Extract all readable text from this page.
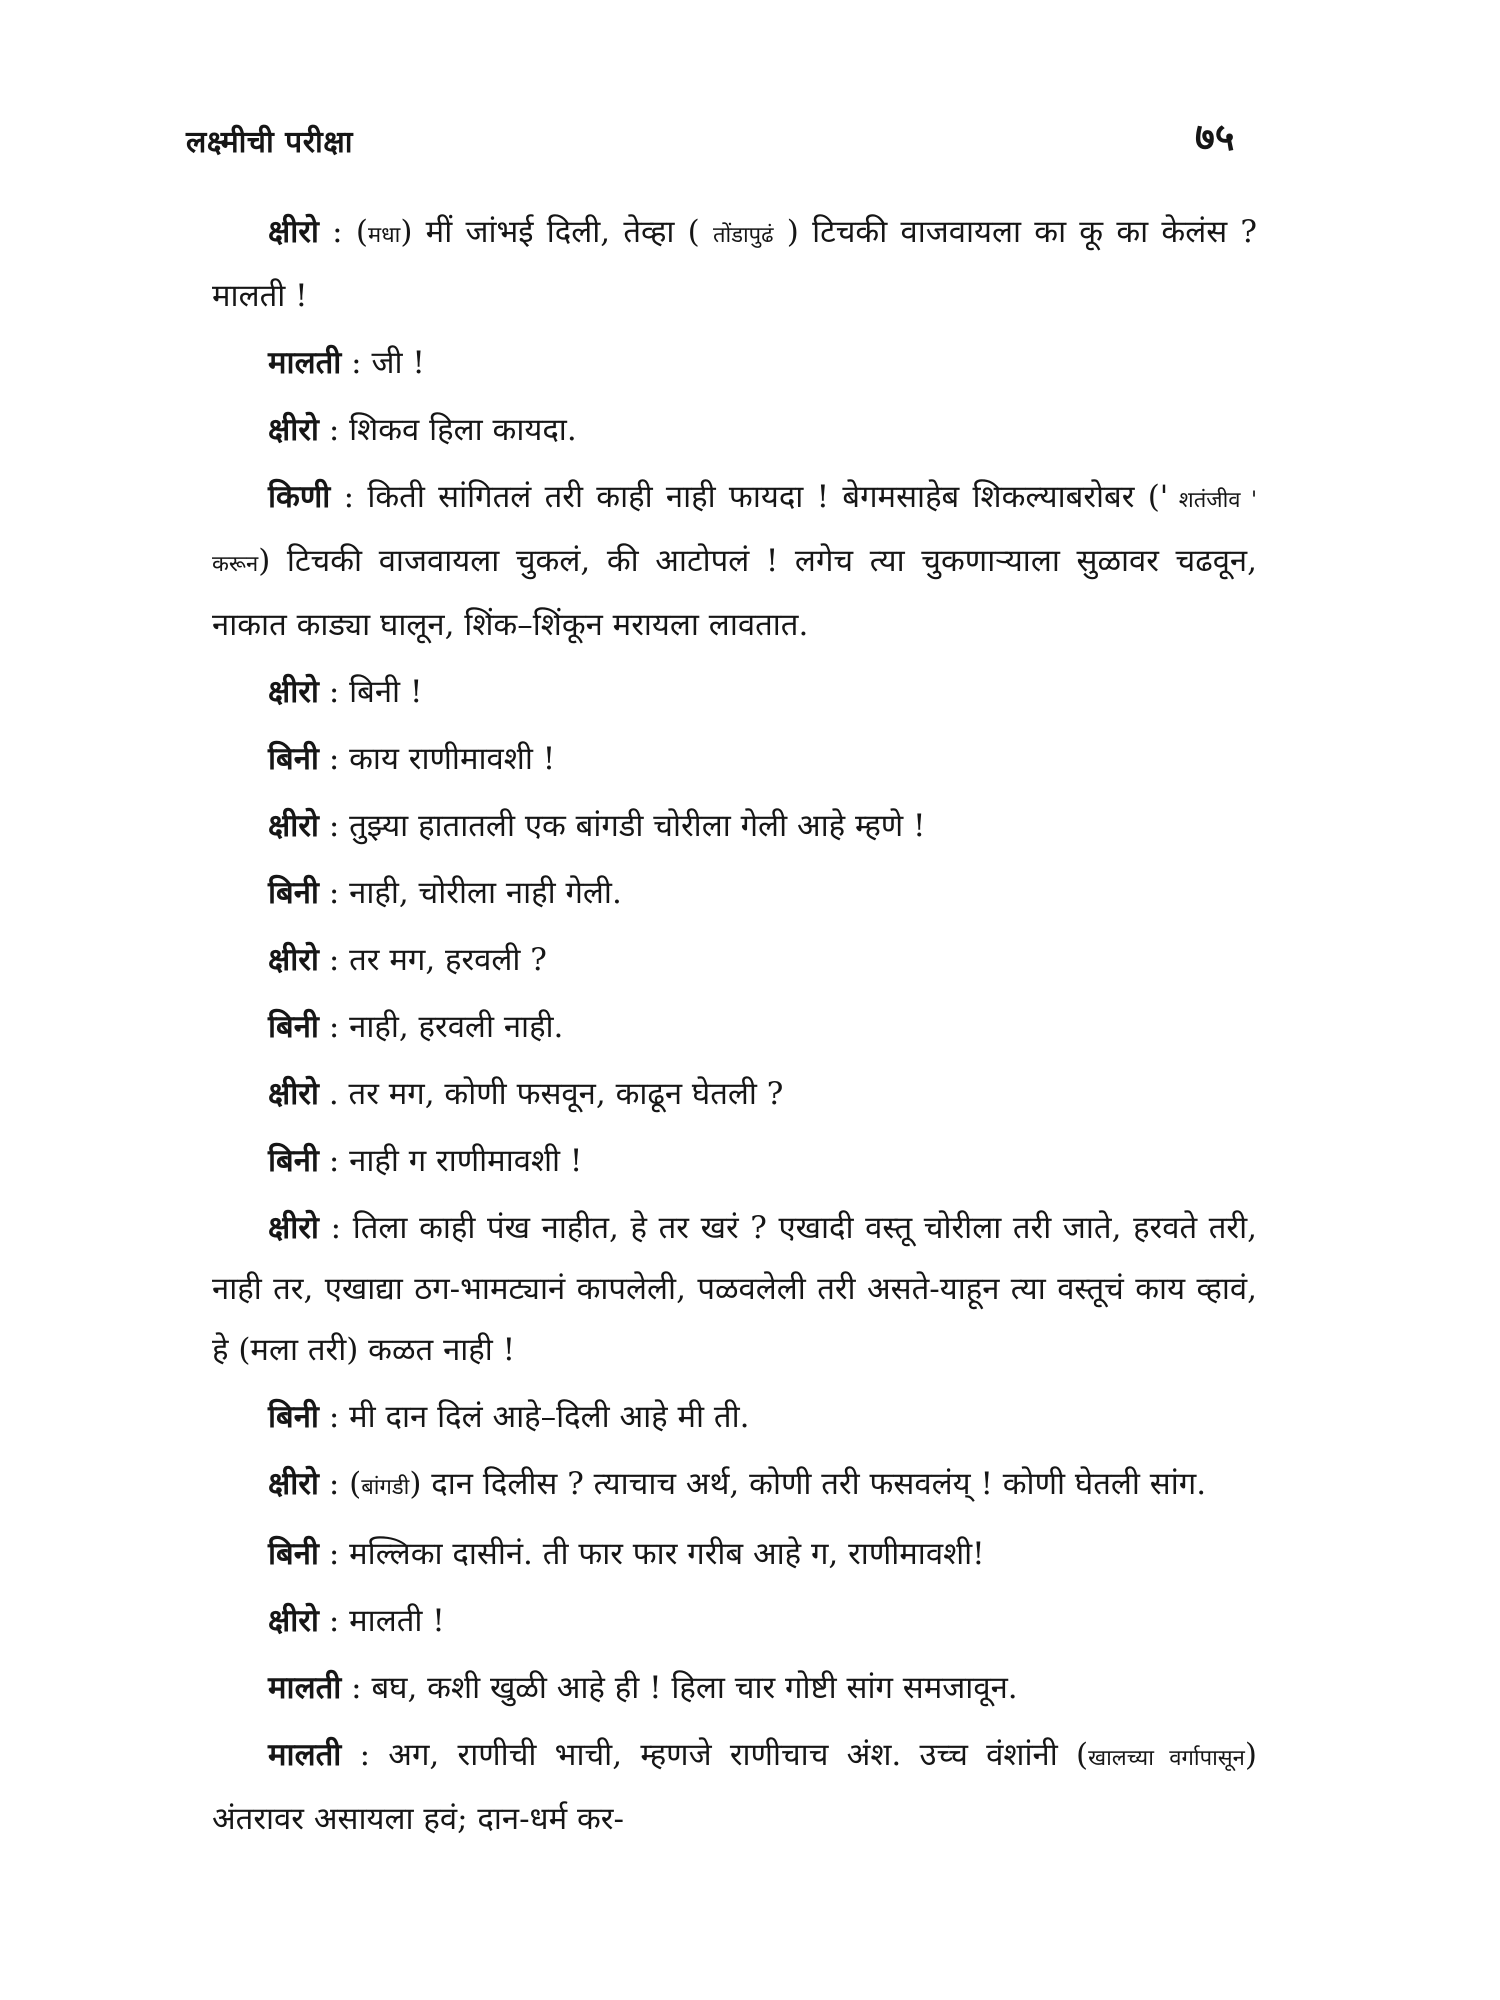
लक्ष्मीची परीक्षा	७५

क्षीरो : (मधा) मीं जांभई दिली, तेव्हा ( तोंडापुढं ) टिचकी वाजवायला का कू का केलंस ? मालती !

मालती : जी !

क्षीरो : शिकव हिला कायदा.

किणी : किती सांगितलं तरी काही नाही फायदा ! बेगमसाहेब शिकल्याबरोबर (' शतंजीव ' करून) टिचकी वाजवायला चुकलं, की आटोपलं ! लगेच त्या चुकणाऱ्याला सुळावर चढवून, नाकात काड्या घालून, शिंक–शिंकून मरायला लावतात.

क्षीरो : बिनी !

बिनी : काय राणीमावशी !

क्षीरो : तुझ्या हातातली एक बांगडी चोरीला गेली आहे म्हणे !

बिनी : नाही, चोरीला नाही गेली.

क्षीरो : तर मग, हरवली ?

बिनी : नाही, हरवली नाही.

क्षीरो . तर मग, कोणी फसवून, काढून घेतली ?

बिनी : नाही ग राणीमावशी !

क्षीरो : तिला काही पंख नाहीत, हे तर खरं ? एखादी वस्तू चोरीला तरी जाते, हरवते तरी, नाही तर, एखाद्या ठग-भामट्यानं कापलेली, पळवलेली तरी असते-याहून त्या वस्तूचं काय व्हावं, हे (मला तरी) कळत नाही !

बिनी : मी दान दिलं आहे–दिली आहे मी ती.

क्षीरो : (बांगडी) दान दिलीस ? त्याचाच अर्थ, कोणी तरी फसवलंय् ! कोणी घेतली सांग.

बिनी : मल्लिका दासीनं. ती फार फार गरीब आहे ग, राणीमावशी!

क्षीरो : मालती !

मालती : बघ, कशी खुळी आहे ही ! हिला चार गोष्टी सांग समजावून.

मालती : अग, राणीची भाची, म्हणजे राणीचाच अंश. उच्च वंशांनी (खालच्या वर्गापासून) अंतरावर असायला हवं; दान-धर्म कर-
